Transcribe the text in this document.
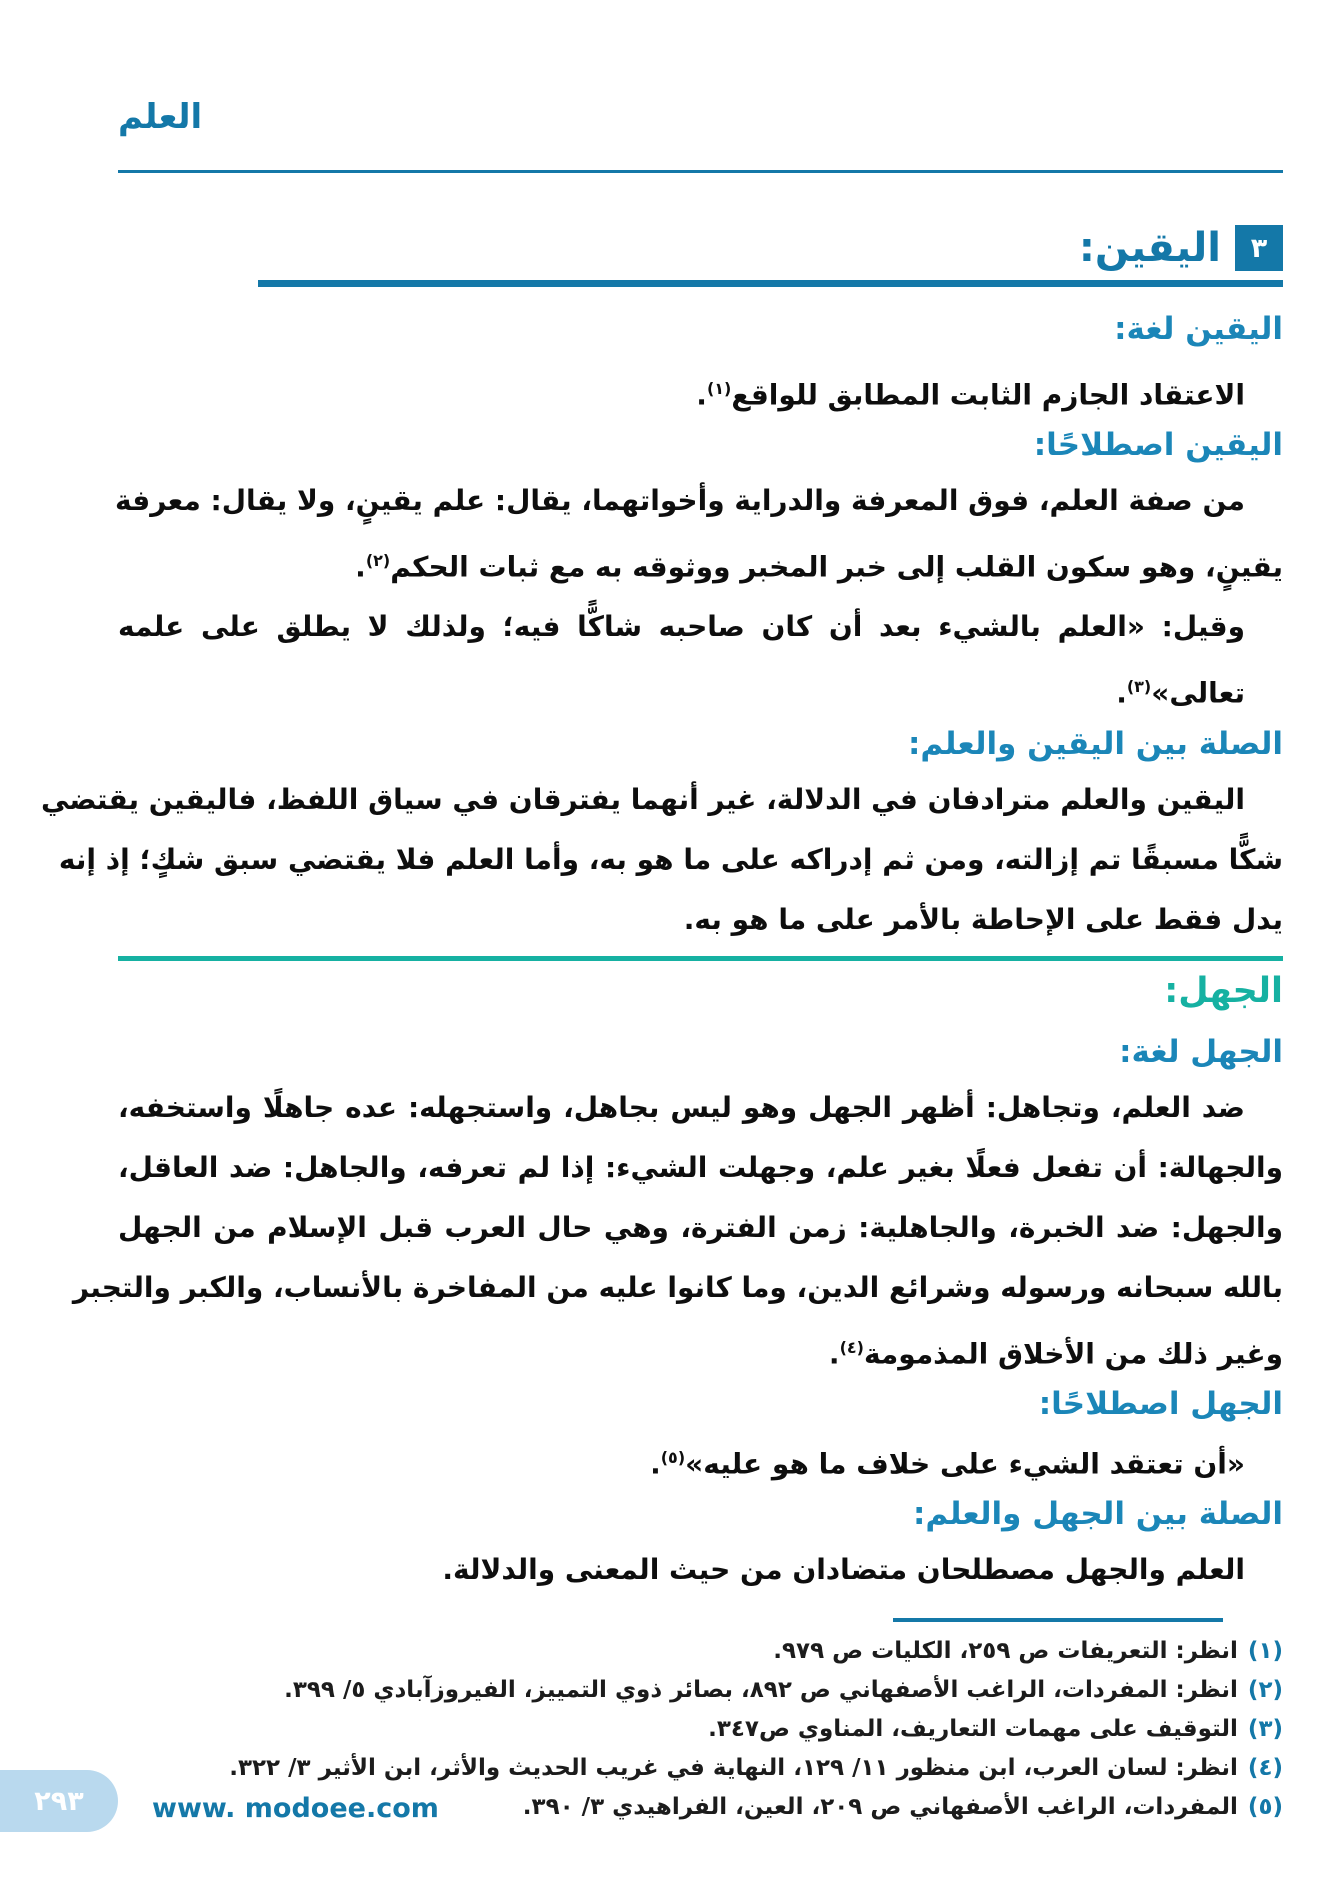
العلم
٣
اليقين:
اليقين لغة:
الاعتقاد الجازم الثابت المطابق للواقع$^{(١)}$.
اليقين اصطلاحًا:
من صفة العلم، فوق المعرفة والدراية وأخواتهما، يقال: علم يقينٍ، ولا يقال: معرفة
يقينٍ، وهو سكون القلب إلى خبر المخبر ووثوقه به مع ثبات الحكم$^{(٢)}$.
وقيل: «العلم بالشيء بعد أن كان صاحبه شاكًّا فيه؛ ولذلك لا يطلق على علمه تعالى»$^{(٣)}$.
الصلة بين اليقين والعلم:
اليقين والعلم مترادفان في الدلالة، غير أنهما يفترقان في سياق اللفظ، فاليقين يقتضي
شكًّا مسبقًا تم إزالته، ومن ثم إدراكه على ما هو به، وأما العلم فلا يقتضي سبق شكٍ؛ إذ إنه
يدل فقط على الإحاطة بالأمر على ما هو به.
الجهل:
الجهل لغة:
ضد العلم، وتجاهل: أظهر الجهل وهو ليس بجاهل، واستجهله: عده جاهلًا واستخفه،
والجهالة: أن تفعل فعلًا بغير علم، وجهلت الشيء: إذا لم تعرفه، والجاهل: ضد العاقل،
والجهل: ضد الخبرة، والجاهلية: زمن الفترة، وهي حال العرب قبل الإسلام من الجهل
بالله سبحانه ورسوله وشرائع الدين، وما كانوا عليه من المفاخرة بالأنساب، والكبر والتجبر
وغير ذلك من الأخلاق المذمومة$^{(٤)}$.
الجهل اصطلاحًا:
«أن تعتقد الشيء على خلاف ما هو عليه»$^{(٥)}$.
الصلة بين الجهل والعلم:
العلم والجهل مصطلحان متضادان من حيث المعنى والدلالة.
(١)انظر: التعريفات ص ٢٥٩، الكليات ص ٩٧٩.
(٢)انظر: المفردات، الراغب الأصفهاني ص ٨٩٢، بصائر ذوي التمييز، الفيروزآبادي ٥/ ٣٩٩.
(٣)التوقيف على مهمات التعاريف، المناوي ص٣٤٧.
(٤)انظر: لسان العرب، ابن منظور ١١/ ١٢٩، النهاية في غريب الحديث والأثر، ابن الأثير ٣/ ٣٢٢.
(٥)المفردات، الراغب الأصفهاني ص ٢٠٩، العين، الفراهيدي ٣/ ٣٩٠.
٢٩٣	www. modoee.com
